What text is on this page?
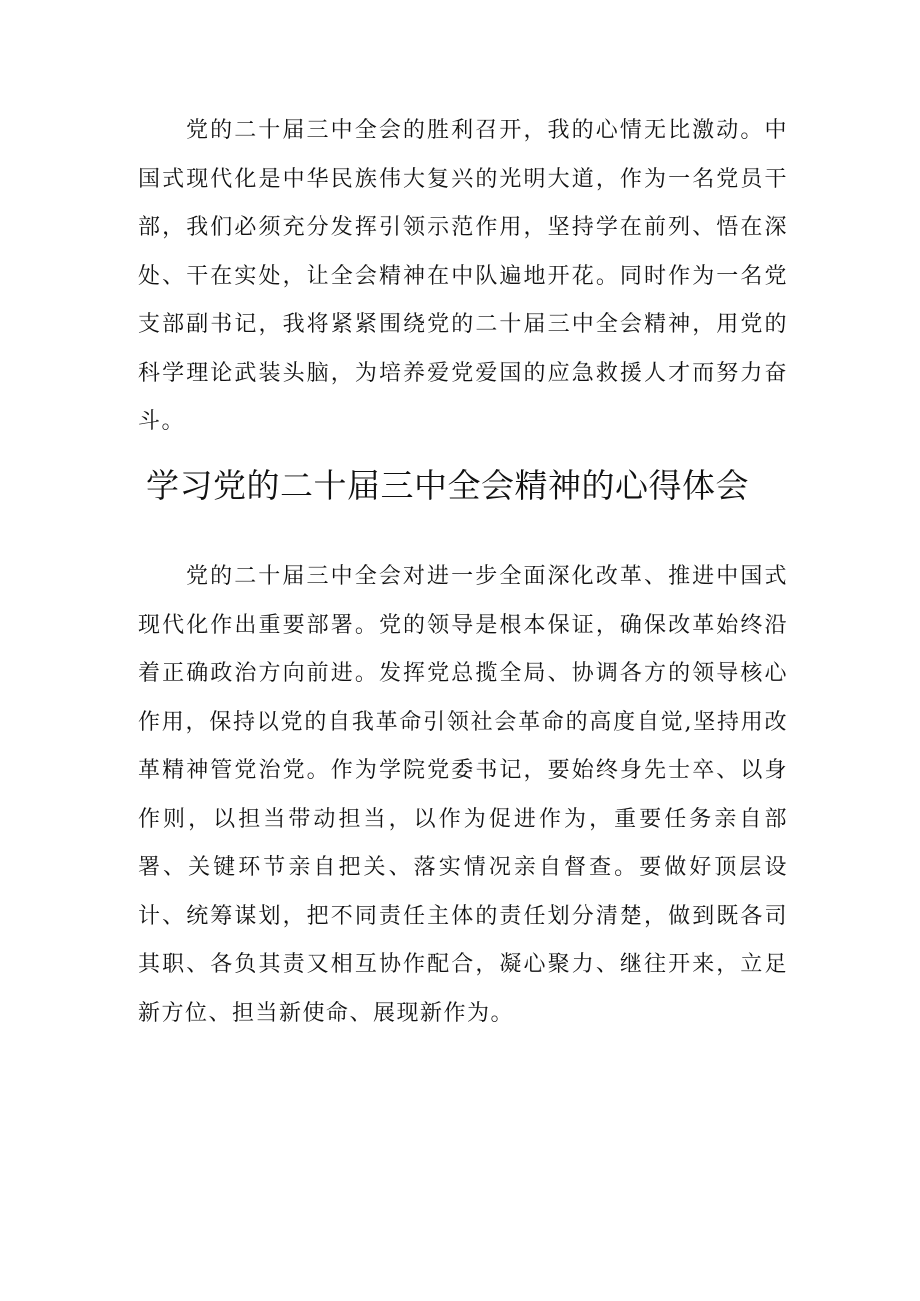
党的二十届三中全会的胜利召开，我的心情无比激动。中国式现代化是中华民族伟大复兴的光明大道，作为一名党员干部，我们必须充分发挥引领示范作用，坚持学在前列、悟在深处、干在实处，让全会精神在中队遍地开花。同时作为一名党支部副书记，我将紧紧围绕党的二十届三中全会精神，用党的科学理论武装头脑，为培养爱党爱国的应急救援人才而努力奋斗。

学习党的二十届三中全会精神的心得体会

党的二十届三中全会对进一步全面深化改革、推进中国式现代化作出重要部署。党的领导是根本保证，确保改革始终沿着正确政治方向前进。发挥党总揽全局、协调各方的领导核心作用，保持以党的自我革命引领社会革命的高度自觉,坚持用改革精神管党治党。作为学院党委书记，要始终身先士卒、以身作则，以担当带动担当，以作为促进作为，重要任务亲自部署、关键环节亲自把关、落实情况亲自督查。要做好顶层设计、统筹谋划，把不同责任主体的责任划分清楚，做到既各司其职、各负其责又相互协作配合，凝心聚力、继往开来，立足新方位、担当新使命、展现新作为。
